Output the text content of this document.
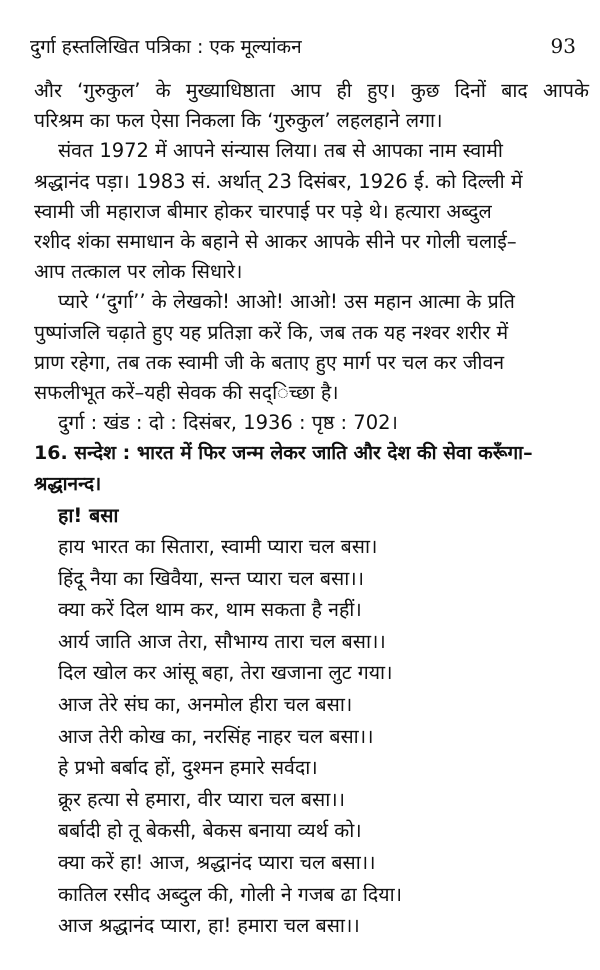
दुर्गा हस्तलिखित पत्रिका : एक मूल्यांकन	93
और ‘गुरुकुल’ के मुख्याधिष्ठाता आप ही हुए। कुछ दिनों बाद आपके
परिश्रम का फल ऐसा निकला कि ‘गुरुकुल’ लहलहाने लगा।
संवत 1972 में आपने संन्यास लिया। तब से आपका नाम स्वामी
श्रद्धानंद पड़ा। 1983 सं. अर्थात् 23 दिसंबर, 1926 ई. को दिल्ली में
स्वामी जी महाराज बीमार होकर चारपाई पर पड़े थे। हत्यारा अब्दुल
रशीद शंका समाधान के बहाने से आकर आपके सीने पर गोली चलाई–
आप तत्काल पर लोक सिधारे।
प्यारे ‘‘दुर्गा’’ के लेखको! आओ! आओ! उस महान आत्मा के प्रति
पुष्पांजलि चढ़ाते हुए यह प्रतिज्ञा करें कि, जब तक यह नश्वर शरीर में
प्राण रहेगा, तब तक स्वामी जी के बताए हुए मार्ग पर चल कर जीवन
सफलीभूत करें–यही सेवक की सद्‌िच्छा है।
दुर्गा : खंड : दो : दिसंबर, 1936 : पृष्ठ : 702।
16. सन्देश : भारत में फिर जन्म लेकर जाति और देश की सेवा करूँगा–
श्रद्धानन्द।
हा! बसा
हाय भारत का सितारा, स्वामी प्यारा चल बसा।
हिंदू नैया का खिवैया, सन्त प्यारा चल बसा।।
क्या करें दिल थाम कर, थाम सकता है नहीं।
आर्य जाति आज तेरा, सौभाग्य तारा चल बसा।।
दिल खोल कर आंसू बहा, तेरा खजाना लुट गया।
आज तेरे संघ का, अनमोल हीरा चल बसा।
आज तेरी कोख का, नरसिंह नाहर चल बसा।।
हे प्रभो बर्बाद हों, दुश्मन हमारे सर्वदा।
क्रूर हत्या से हमारा, वीर प्यारा चल बसा।।
बर्बादी हो तू बेकसी, बेकस बनाया व्यर्थ को।
क्या करें हा! आज, श्रद्धानंद प्यारा चल बसा।।
कातिल रसीद अब्दुल की, गोली ने गजब ढा दिया।
आज श्रद्धानंद प्यारा, हा! हमारा चल बसा।।
